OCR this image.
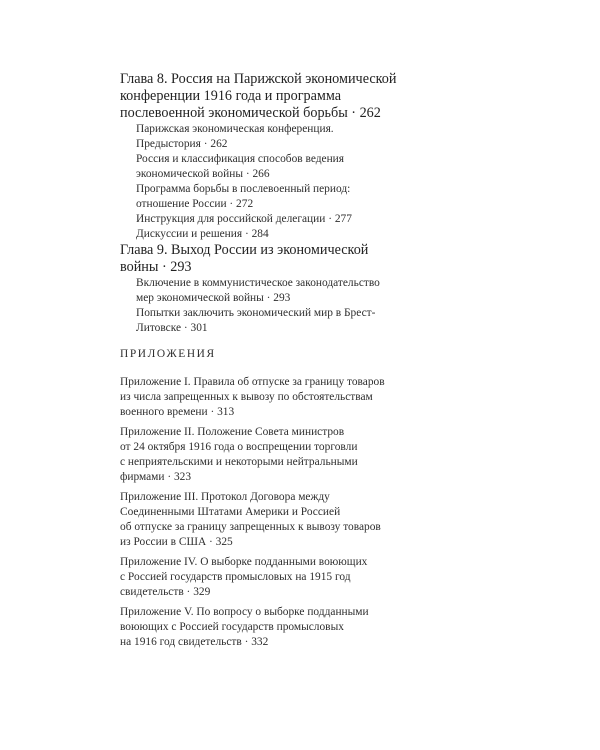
Глава 8. Россия на Парижской экономической
конференции 1916 года и программа
послевоенной экономической борьбы · 262
Парижская экономическая конференция.
Предыстория · 262
Россия и классификация способов ведения
экономической войны · 266
Программа борьбы в послевоенный период:
отношение России · 272
Инструкция для российской делегации · 277
Дискуссии и решения · 284
Глава 9. Выход России из экономической
войны · 293
Включение в коммунистическое законодательство
мер экономической войны · 293
Попытки заключить экономический мир в Брест-
Литовске · 301
ПРИЛОЖЕНИЯ
Приложение I. Правила об отпуске за границу товаров
из числа запрещенных к вывозу по обстоятельствам
военного времени · 313
Приложение II. Положение Совета министров
от 24 октября 1916 года о воспрещении торговли
с неприятельскими и некоторыми нейтральными
фирмами · 323
Приложение III. Протокол Договора между
Соединенными Штатами Америки и Россией
об отпуске за границу запрещенных к вывозу товаров
из России в США · 325
Приложение IV. О выборке подданными воюющих
с Россией государств промысловых на 1915 год
свидетельств · 329
Приложение V. По вопросу о выборке подданными
воюющих с Россией государств промысловых
на 1916 год свидетельств · 332
